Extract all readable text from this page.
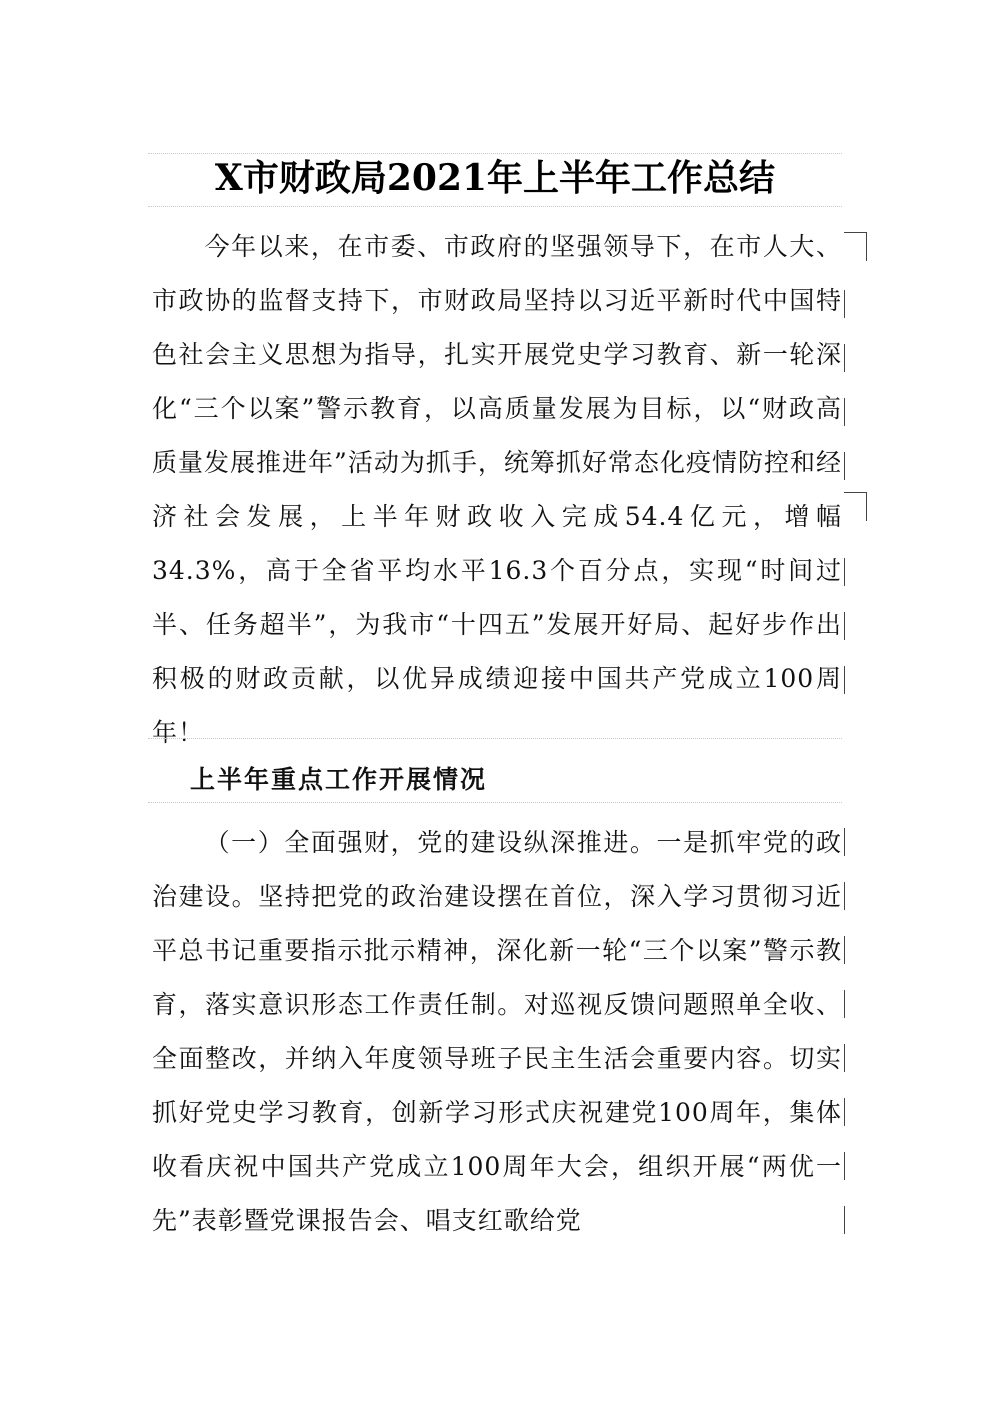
X市财政局2021年上半年工作总结
今年以来，在市委、市政府的坚强领导下，在市人大、市政协的监督支持下，市财政局坚持以习近平新时代中国特色社会主义思想为指导，扎实开展党史学习教育、新一轮深化“三个以案”警示教育，以高质量发展为目标，以“财政高质量发展推进年”活动为抓手，统筹抓好常态化疫情防控和经济社会发展，上半年财政收入完成54.4亿元，增幅34.3%，高于全省平均水平16.3个百分点，实现“时间过半、任务超半”，为我市“十四五”发展开好局、起好步作出积极的财政贡献，以优异成绩迎接中国共产党成立100周年！
上半年重点工作开展情况
（一）全面强财，党的建设纵深推进。一是抓牢党的政治建设。坚持把党的政治建设摆在首位，深入学习贯彻习近平总书记重要指示批示精神，深化新一轮“三个以案”警示教育，落实意识形态工作责任制。对巡视反馈问题照单全收、全面整改，并纳入年度领导班子民主生活会重要内容。切实抓好党史学习教育，创新学习形式庆祝建党100周年，集体收看庆祝中国共产党成立100周年大会，组织开展“两优一先”表彰暨党课报告会、唱支红歌给党
